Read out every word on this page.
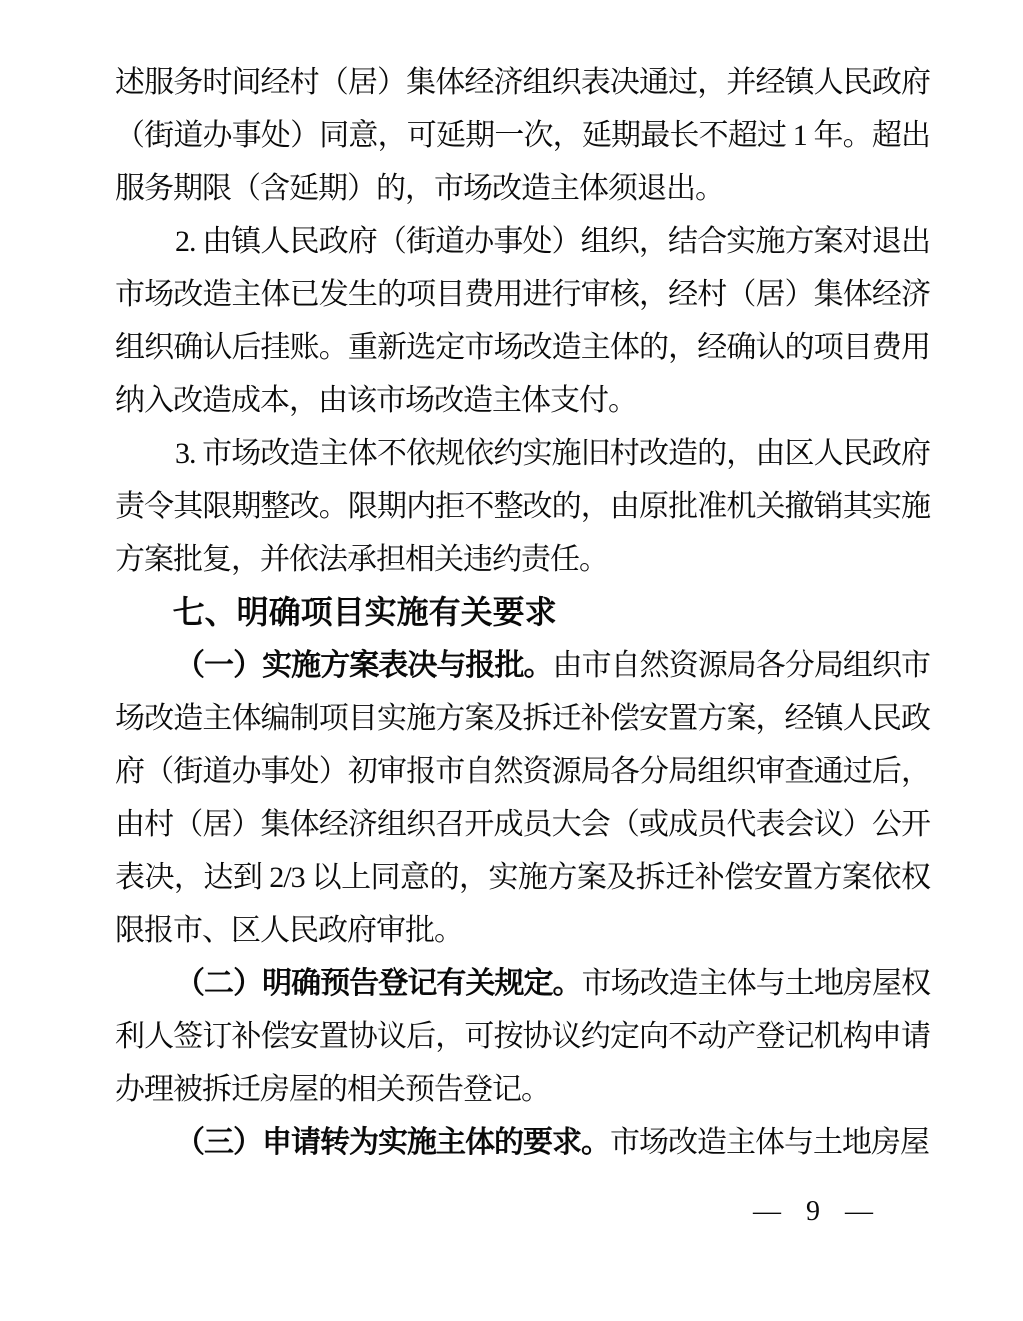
述服务时间经村（居）集体经济组织表决通过，并经镇人民政府（街道办事处）同意，可延期一次，延期最长不超过 1 年。超出服务期限（含延期）的，市场改造主体须退出。

2. 由镇人民政府（街道办事处）组织，结合实施方案对退出市场改造主体已发生的项目费用进行审核，经村（居）集体经济组织确认后挂账。重新选定市场改造主体的，经确认的项目费用纳入改造成本，由该市场改造主体支付。

3. 市场改造主体不依规依约实施旧村改造的，由区人民政府责令其限期整改。限期内拒不整改的，由原批准机关撤销其实施方案批复，并依法承担相关违约责任。

七、明确项目实施有关要求

（一）实施方案表决与报批。由市自然资源局各分局组织市场改造主体编制项目实施方案及拆迁补偿安置方案，经镇人民政府（街道办事处）初审报市自然资源局各分局组织审查通过后，由村（居）集体经济组织召开成员大会（或成员代表会议）公开表决，达到 2/3 以上同意的，实施方案及拆迁补偿安置方案依权限报市、区人民政府审批。

（二）明确预告登记有关规定。市场改造主体与土地房屋权利人签订补偿安置协议后，可按协议约定向不动产登记机构申请办理被拆迁房屋的相关预告登记。

（三）申请转为实施主体的要求。市场改造主体与土地房屋

— 9 —
